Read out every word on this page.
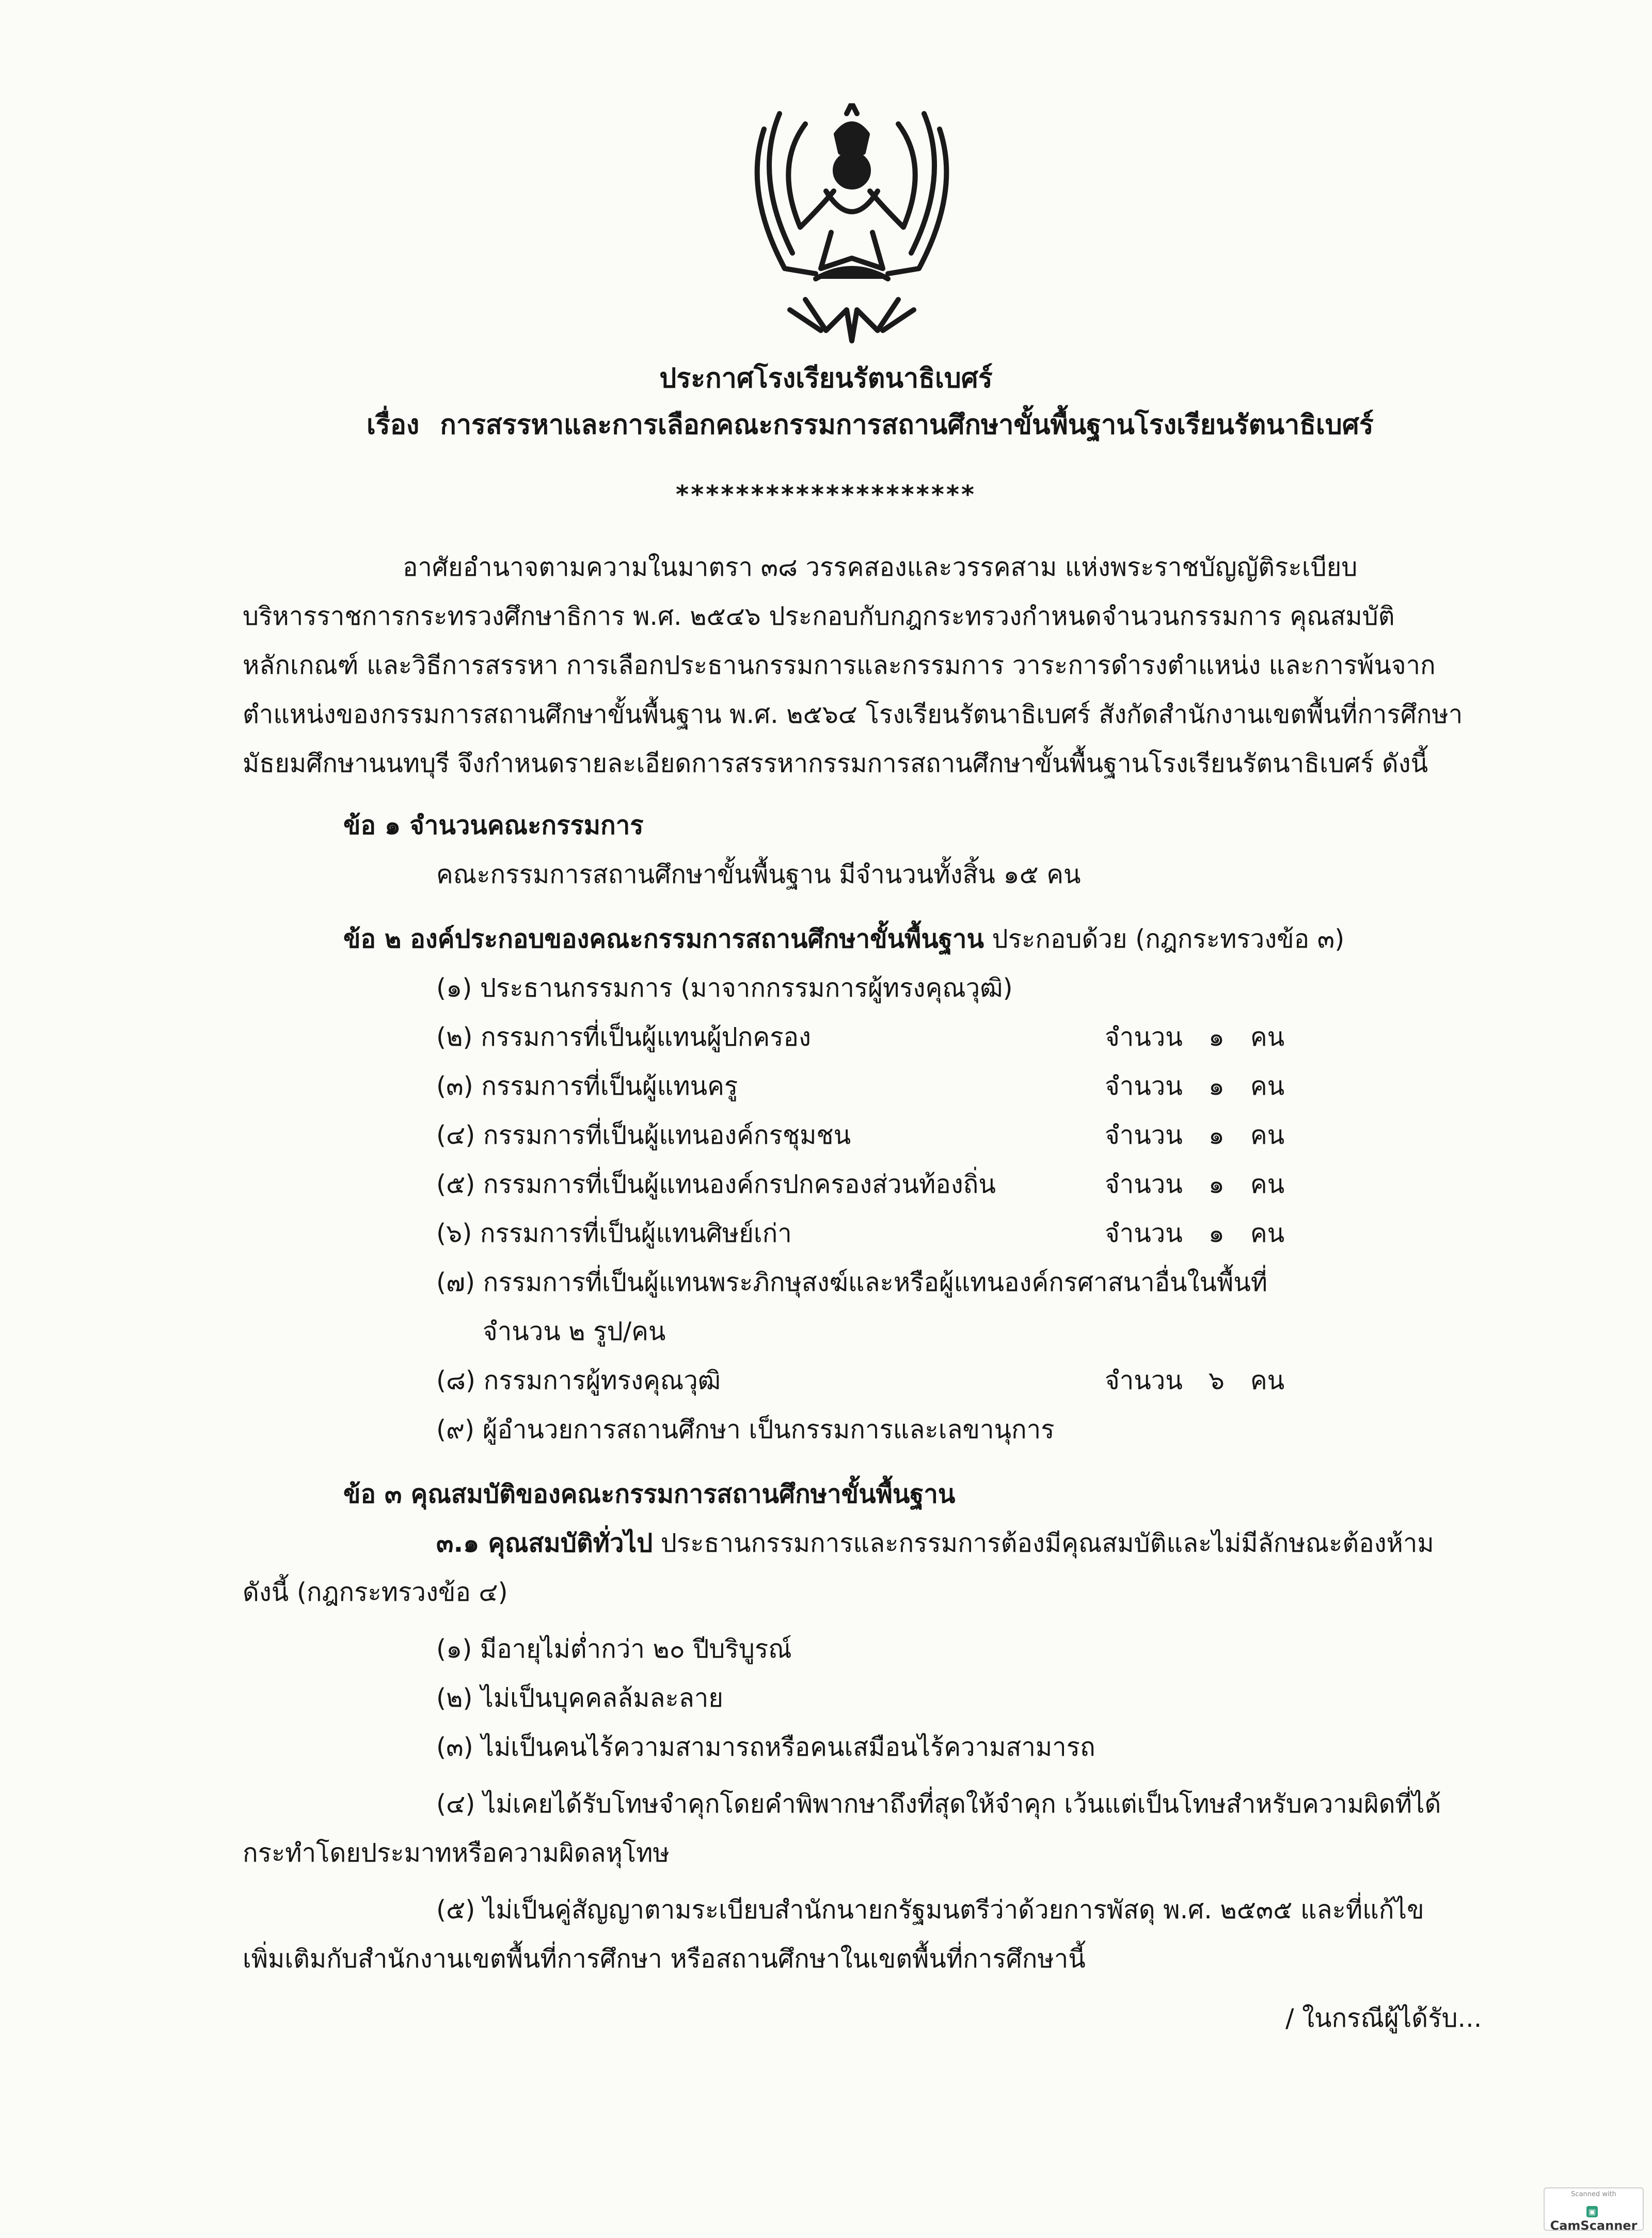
ประกาศโรงเรียนรัตนาธิเบศร์
เรื่อง การสรรหาและการเลือกคณะกรรมการสถานศึกษาขั้นพื้นฐานโรงเรียนรัตนาธิเบศร์
********************
อาศัยอำนาจตามความในมาตรา ๓๘ วรรคสองและวรรคสาม แห่งพระราชบัญญัติระเบียบ
บริหารราชการกระทรวงศึกษาธิการ พ.ศ. ๒๕๔๖ ประกอบกับกฎกระทรวงกำหนดจำนวนกรรมการ คุณสมบัติ
หลักเกณฑ์ และวิธีการสรรหา การเลือกประธานกรรมการและกรรมการ วาระการดำรงตำแหน่ง และการพ้นจาก
ตำแหน่งของกรรมการสถานศึกษาขั้นพื้นฐาน พ.ศ. ๒๕๖๔ โรงเรียนรัตนาธิเบศร์ สังกัดสำนักงานเขตพื้นที่การศึกษา
มัธยมศึกษานนทบุรี จึงกำหนดรายละเอียดการสรรหากรรมการสถานศึกษาขั้นพื้นฐานโรงเรียนรัตนาธิเบศร์ ดังนี้
ข้อ ๑ จำนวนคณะกรรมการ
คณะกรรมการสถานศึกษาขั้นพื้นฐาน มีจำนวนทั้งสิ้น ๑๕ คน
ข้อ ๒ องค์ประกอบของคณะกรรมการสถานศึกษาขั้นพื้นฐาน ประกอบด้วย (กฎกระทรวงข้อ ๓)
(๑) ประธานกรรมการ (มาจากกรรมการผู้ทรงคุณวุฒิ)
(๒) กรรมการที่เป็นผู้แทนผู้ปกครอง	จำนวน ๑ คน
(๓) กรรมการที่เป็นผู้แทนครู	จำนวน ๑ คน
(๔) กรรมการที่เป็นผู้แทนองค์กรชุมชน	จำนวน ๑ คน
(๕) กรรมการที่เป็นผู้แทนองค์กรปกครองส่วนท้องถิ่น	จำนวน ๑ คน
(๖) กรรมการที่เป็นผู้แทนศิษย์เก่า	จำนวน ๑ คน
(๗) กรรมการที่เป็นผู้แทนพระภิกษุสงฆ์และหรือผู้แทนองค์กรศาสนาอื่นในพื้นที่
จำนวน ๒ รูป/คน
(๘) กรรมการผู้ทรงคุณวุฒิ	จำนวน ๖ คน
(๙) ผู้อำนวยการสถานศึกษา เป็นกรรมการและเลขานุการ
ข้อ ๓ คุณสมบัติของคณะกรรมการสถานศึกษาขั้นพื้นฐาน
๓.๑ คุณสมบัติทั่วไป ประธานกรรมการและกรรมการต้องมีคุณสมบัติและไม่มีลักษณะต้องห้าม
ดังนี้ (กฎกระทรวงข้อ ๔)
(๑) มีอายุไม่ต่ำกว่า ๒๐ ปีบริบูรณ์
(๒) ไม่เป็นบุคคลล้มละลาย
(๓) ไม่เป็นคนไร้ความสามารถหรือคนเสมือนไร้ความสามารถ
(๔) ไม่เคยได้รับโทษจำคุกโดยคำพิพากษาถึงที่สุดให้จำคุก เว้นแต่เป็นโทษสำหรับความผิดที่ได้
กระทำโดยประมาทหรือความผิดลหุโทษ
(๕) ไม่เป็นคู่สัญญาตามระเบียบสำนักนายกรัฐมนตรีว่าด้วยการพัสดุ พ.ศ. ๒๕๓๕ และที่แก้ไข
เพิ่มเติมกับสำนักงานเขตพื้นที่การศึกษา หรือสถานศึกษาในเขตพื้นที่การศึกษานี้
/ ในกรณีผู้ได้รับ...
Scanned with
▣CamScanner
